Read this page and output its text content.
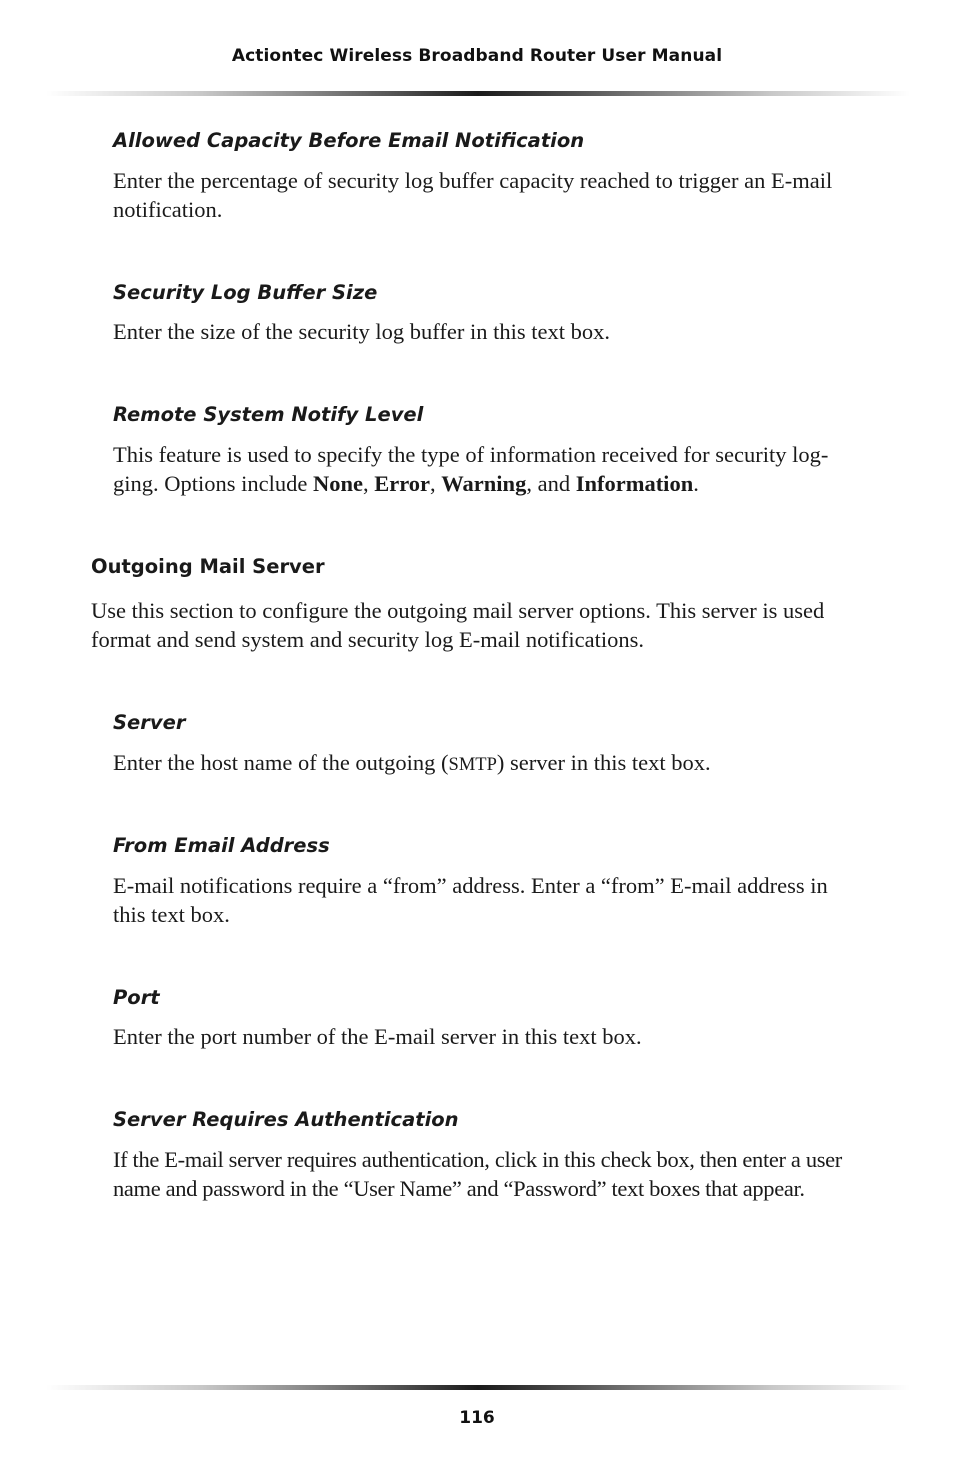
Actiontec Wireless Broadband Router User Manual
Allowed Capacity Before Email Notification
Enter the percentage of security log buffer capacity reached to trigger an E-mail notification.
Security Log Buffer Size
Enter the size of the security log buffer in this text box.
Remote System Notify Level
This feature is used to specify the type of information received for security log-ging. Options include None, Error, Warning, and Information.
Outgoing Mail Server
Use this section to configure the outgoing mail server options. This server is used format and send system and security log E-mail notifications.
Server
Enter the host name of the outgoing (SMTP) server in this text box.
From Email Address
E-mail notifications require a “from” address. Enter a “from” E-mail address in this text box.
Port
Enter the port number of the E-mail server in this text box.
Server Requires Authentication
If the E-mail server requires authentication, click in this check box, then enter a user name and password in the “User Name” and “Password” text boxes that appear.
116
